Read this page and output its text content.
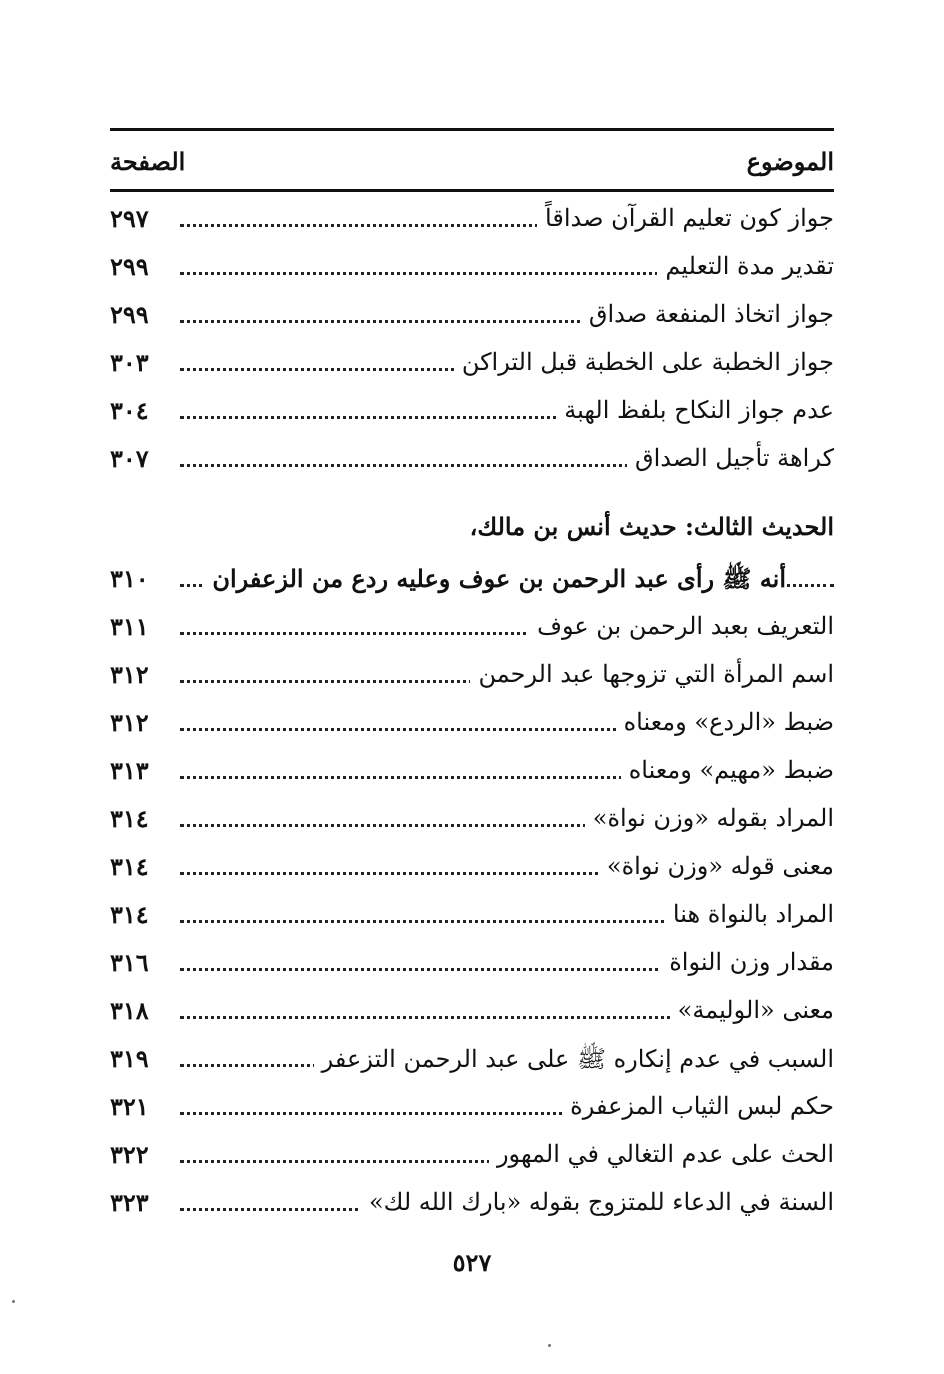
الموضوع
الصفحة
جواز كون تعليم القرآن صداقاً
٢٩٧
تقدير مدة التعليم
٢٩٩
جواز اتخاذ المنفعة صداق
٢٩٩
جواز الخطبة على الخطبة قبل التراكن
٣٠٣
عدم جواز النكاح بلفظ الهبة
٣٠٤
كراهة تأجيل الصداق
٣٠٧
الحديث الثالث: حديث أنس بن مالك،
أنه ﷺ رأى عبد الرحمن بن عوف وعليه ردع من الزعفران
٣١٠
التعريف بعبد الرحمن بن عوف
٣١١
اسم المرأة التي تزوجها عبد الرحمن
٣١٢
ضبط «الردع» ومعناه
٣١٢
ضبط «مهيم» ومعناه
٣١٣
المراد بقوله «وزن نواة»
٣١٤
معنى قوله «وزن نواة»
٣١٤
المراد بالنواة هنا
٣١٤
مقدار وزن النواة
٣١٦
معنى «الوليمة»
٣١٨
السبب في عدم إنكاره ﷺ على عبد الرحمن التزعفر
٣١٩
حكم لبس الثياب المزعفرة
٣٢١
الحث على عدم التغالي في المهور
٣٢٢
السنة في الدعاء للمتزوج بقوله «بارك الله لك»
٣٢٣
٥٢٧
